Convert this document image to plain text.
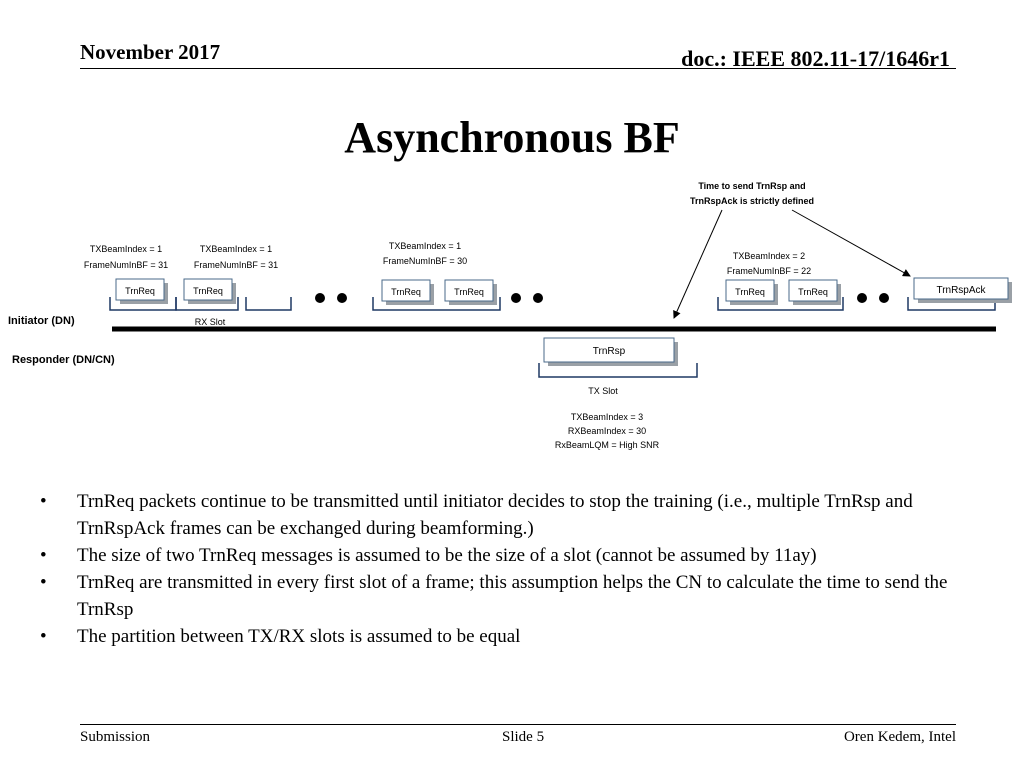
November 2017	doc.: IEEE 802.11-17/1646r1
Asynchronous BF
Time to send TrnRsp and
TrnRspAck is strictly defined
Initiator (DN)
Responder (DN/CN)
TXBeamIndex = 1
FrameNumInBF = 31
TXBeamIndex = 1
FrameNumInBF = 31
TXBeamIndex = 1
FrameNumInBF = 30	TXBeamIndex = 2
FrameNumInBF = 22
TrnReq	TrnReq	TrnReq	TrnReq	TrnReq	TrnReq	TrnRspAck
RX Slot
TrnRsp
TX Slot
TXBeamIndex = 3
RXBeamIndex = 30
RxBeamLQM = High SNR
• TrnReq packets continue to be transmitted until initiator decides to stop the training (i.e., multiple TrnRsp and TrnRspAck frames can be exchanged during beamforming.)
• The size of two TrnReq messages is assumed to be the size of a slot (cannot be assumed by 11ay)
• TrnReq are transmitted in every first slot of a frame; this assumption helps the CN to calculate the time to send the TrnRsp
• The partition between TX/RX slots is assumed to be equal
Submission	Slide 5	Oren Kedem, Intel
